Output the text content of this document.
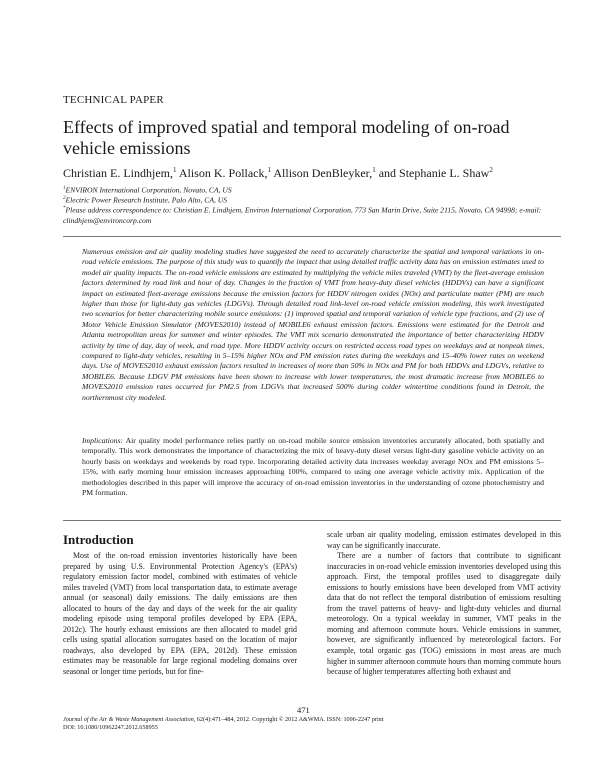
TECHNICAL PAPER
Effects of improved spatial and temporal modeling of on-road vehicle emissions
Christian E. Lindhjem,$^1$ Alison K. Pollack,$^1$ Allison DenBleyker,$^1$ and Stephanie L. Shaw$^2$
$^1$ENVIRON International Corporation, Novato, CA, US
$^2$Electric Power Research Institute, Palo Alto, CA, US
*Please address correspondence to: Christian E. Lindhjem, Environ International Corporation, 773 San Marin Drive, Suite 2115, Novato, CA 94998; e-mail: clindhjem@environcorp.com
Numerous emission and air quality modeling studies have suggested the need to accurately characterize the spatial and temporal variations in on-road vehicle emissions. The purpose of this study was to quantify the impact that using detailed traffic activity data has on emission estimates used to model air quality impacts. The on-road vehicle emissions are estimated by multiplying the vehicle miles traveled (VMT) by the fleet-average emission factors determined by road link and hour of day. Changes in the fraction of VMT from heavy-duty diesel vehicles (HDDVs) can have a significant impact on estimated fleet-average emissions because the emission factors for HDDV nitrogen oxides (NOx) and particulate matter (PM) are much higher than those for light-duty gas vehicles (LDGVs). Through detailed road link-level on-road vehicle emission modeling, this work investigated two scenarios for better characterizing mobile source emissions: (1) improved spatial and temporal variation of vehicle type fractions, and (2) use of Motor Vehicle Emission Simulator (MOVES2010) instead of MOBILE6 exhaust emission factors. Emissions were estimated for the Detroit and Atlanta metropolitan areas for summer and winter episodes. The VMT mix scenario demonstrated the importance of better characterizing HDDV activity by time of day, day of week, and road type. More HDDV activity occurs on restricted access road types on weekdays and at nonpeak times, compared to light-duty vehicles, resulting in 5–15% higher NOx and PM emission rates during the weekdays and 15–40% lower rates on weekend days. Use of MOVES2010 exhaust emission factors resulted in increases of more than 50% in NOx and PM for both HDDVs and LDGVs, relative to MOBILE6. Because LDGV PM emissions have been shown to increase with lower temperatures, the most dramatic increase from MOBILE6 to MOVES2010 emission rates occurred for PM2.5 from LDGVs that increased 500% during colder wintertime conditions found in Detroit, the northernmost city modeled.
Implications: Air quality model performance relies partly on on-road mobile source emission inventories accurately allocated, both spatially and temporally. This work demonstrates the importance of characterizing the mix of heavy-duty diesel versus light-duty gasoline vehicle activity on an hourly basis on weekdays and weekends by road type. Incorporating detailed activity data increases weekday average NOx and PM emissions 5–15%, with early morning hour emission increases approaching 100%, compared to using one average vehicle activity mix. Application of the methodologies described in this paper will improve the accuracy of on-road emission inventories in the understanding of ozone photochemistry and PM formation.
Introduction

Most of the on-road emission inventories historically have been prepared by using U.S. Environmental Protection Agency's (EPA's) regulatory emission factor model, combined with estimates of vehicle miles traveled (VMT) from local transportation data, to estimate average annual (or seasonal) daily emissions. The daily emissions are then allocated to hours of the day and days of the week for the air quality modeling episode using temporal profiles developed by EPA (EPA, 2012c). The hourly exhaust emissions are then allocated to model grid cells using spatial allocation surrogates based on the location of major roadways, also developed by EPA (EPA, 2012d). These emission estimates may be reasonable for large regional modeling domains over seasonal or longer time periods, but for fine-

scale urban air quality modeling, emission estimates developed in this way can be significantly inaccurate.

There are a number of factors that contribute to significant inaccuracies in on-road vehicle emission inventories developed using this approach. First, the temporal profiles used to disaggregate daily emissions to hourly emissions have been developed from VMT activity data that do not reflect the temporal distribution of emissions resulting from the travel patterns of heavy- and light-duty vehicles and diurnal meteorology. On a typical weekday in summer, VMT peaks in the morning and afternoon commute hours. Vehicle emissions in summer, however, are significantly influenced by meteorological factors. For example, total organic gas (TOG) emissions in most areas are much higher in summer afternoon commute hours than morning commute hours because of higher temperatures affecting both exhaust and

471
Journal of the Air & Waste Management Association, 62(4):471–484, 2012. Copyright © 2012 A&WMA. ISSN: 1096-2247 print
DOI: 10.1080/10962247.2012.658955
